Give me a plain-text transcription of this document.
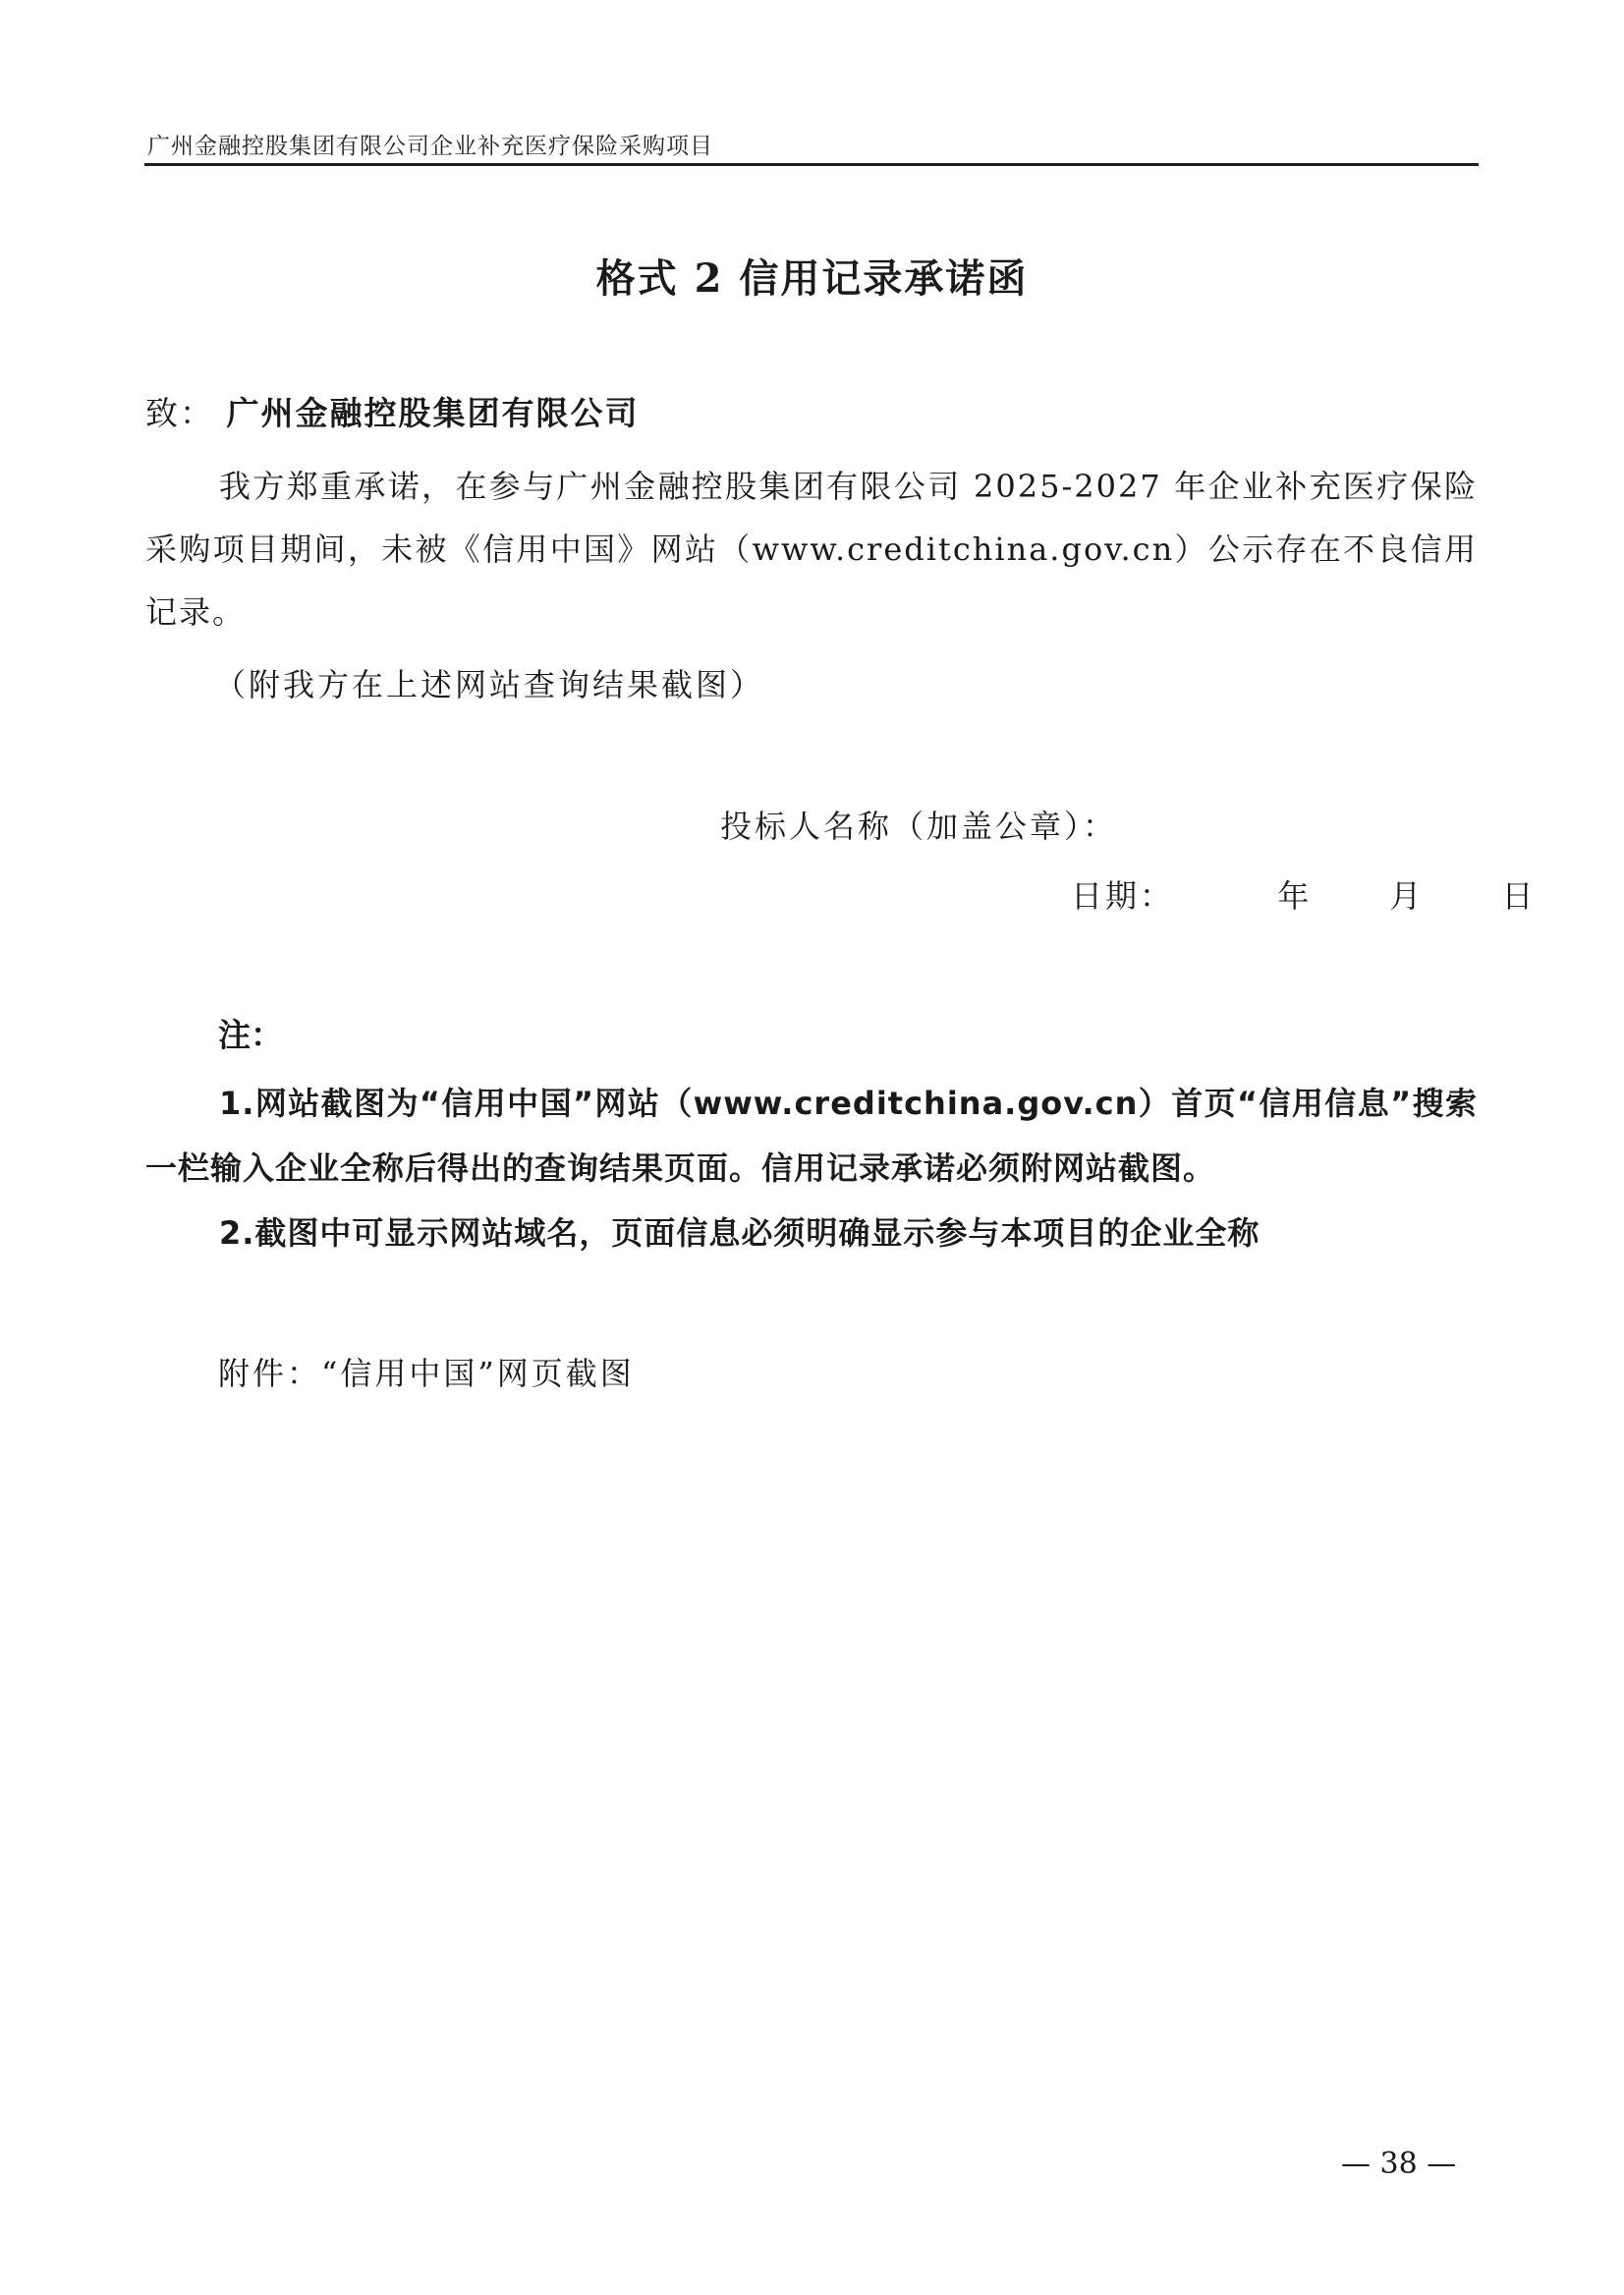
广州金融控股集团有限公司企业补充医疗保险采购项目
格式 2 信用记录承诺函
致： 广州金融控股集团有限公司
我方郑重承诺，在参与广州金融控股集团有限公司 2025-2027 年企业补充医疗保险采购项目期间，未被《信用中国》网站（www.creditchina.gov.cn）公示存在不良信用记录。
（附我方在上述网站查询结果截图）
投标人名称（加盖公章）：
日期：	年 月 日
注：

1.网站截图为“信用中国”网站（www.creditchina.gov.cn）首页“信用信息”搜索一栏输入企业全称后得出的查询结果页面。信用记录承诺必须附网站截图。

2.截图中可显示网站域名，页面信息必须明确显示参与本项目的企业全称

附件：“信用中国”网页截图
— 38 —
